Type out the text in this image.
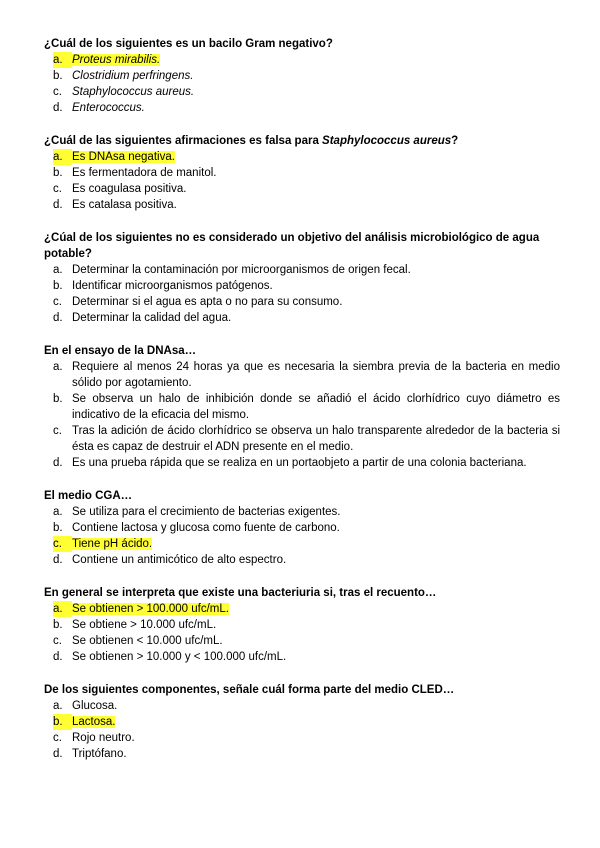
¿Cuál de los siguientes es un bacilo Gram negativo?

a. Proteus mirabilis.
b. Clostridium perfringens.
c. Staphylococcus aureus.
d. Enterococcus.

¿Cuál de las siguientes afirmaciones es falsa para Staphylococcus aureus?

a. Es DNAsa negativa.
b. Es fermentadora de manitol.
c. Es coagulasa positiva.
d. Es catalasa positiva.

¿Cúal de los siguientes no es considerado un objetivo del análisis microbiológico de agua potable?

a. Determinar la contaminación por microorganismos de origen fecal.
b. Identificar microorganismos patógenos.
c. Determinar si el agua es apta o no para su consumo.
d. Determinar la calidad del agua.

En el ensayo de la DNAsa…

a. Requiere al menos 24 horas ya que es necesaria la siembra previa de la bacteria en medio sólido por agotamiento.
b. Se observa un halo de inhibición donde se añadió el ácido clorhídrico cuyo diámetro es indicativo de la eficacia del mismo.
c. Tras la adición de ácido clorhídrico se observa un halo transparente alrededor de la bacteria si ésta es capaz de destruir el ADN presente en el medio.
d. Es una prueba rápida que se realiza en un portaobjeto a partir de una colonia bacteriana.

El medio CGA…

a. Se utiliza para el crecimiento de bacterias exigentes.
b. Contiene lactosa y glucosa como fuente de carbono.
c. Tiene pH ácido.
d. Contiene un antimicótico de alto espectro.

En general se interpreta que existe una bacteriuria si, tras el recuento…

a. Se obtienen > 100.000 ufc/mL.
b. Se obtiene > 10.000 ufc/mL.
c. Se obtienen < 10.000 ufc/mL.
d. Se obtienen > 10.000 y < 100.000 ufc/mL.

De los siguientes componentes, señale cuál forma parte del medio CLED…

a. Glucosa.
b. Lactosa.
c. Rojo neutro.
d. Triptófano.
